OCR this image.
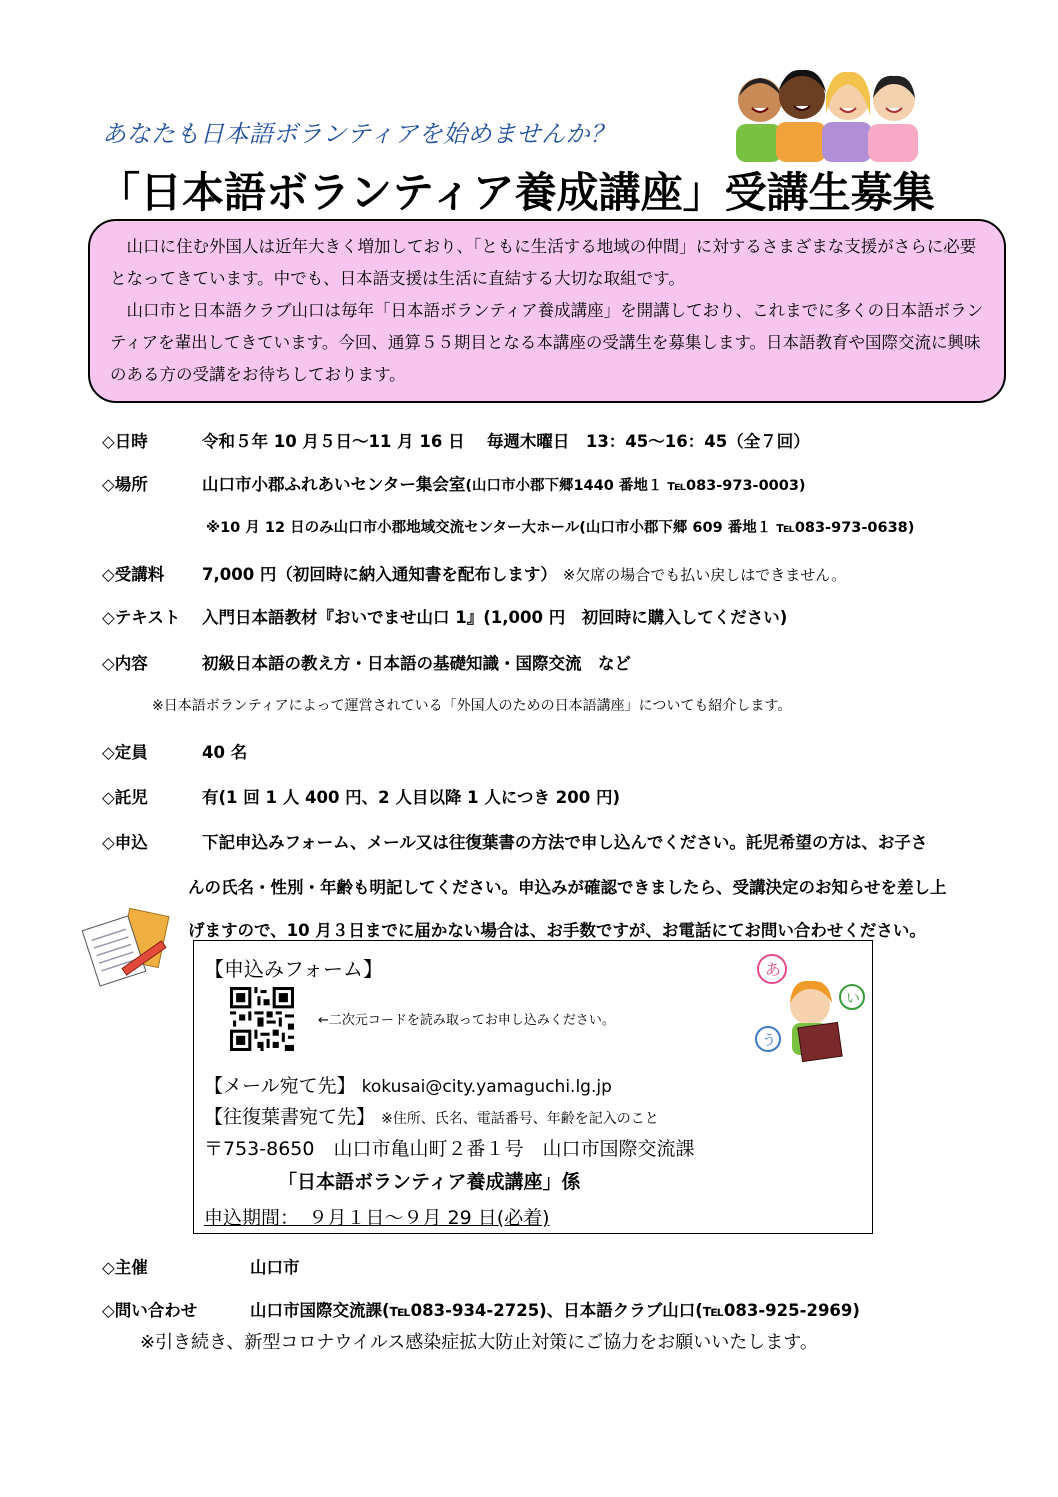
あなたも日本語ボランティアを始めませんか？
「日本語ボランティア養成講座」受講生募集

山口に住む外国人は近年大きく増加しており、「ともに生活する地域の仲間」に対するさまざまな支援がさらに必要となってきています。中でも、日本語支援は生活に直結する大切な取組です。

山口市と日本語クラブ山口は毎年「日本語ボランティア養成講座」を開講しており、これまでに多くの日本語ボランティアを輩出してきています。今回、通算５５期目となる本講座の受講生を募集します。日本語教育や国際交流に興味のある方の受講をお待ちしております。

◇日時	令和５年 10 月５日～11 月 16 日　 毎週木曜日　13：45～16：45（全７回）
◇場所	山口市小郡ふれあいセンター集会室(山口市小郡下郷1440 番地１ ℡083-973-0003)
※10 月 12 日のみ山口市小郡地域交流センター大ホール(山口市小郡下郷 609 番地１ ℡083-973-0638)
◇受講料 7,000 円（初回時に納入通知書を配布します） ※欠席の場合でも払い戻しはできません。
◇テキスト 入門日本語教材『おいでませ山口 1』(1,000 円　初回時に購入してください)
◇内容	初級日本語の教え方・日本語の基礎知識・国際交流　など
※日本語ボランティアによって運営されている「外国人のための日本語講座」についても紹介します。
◇定員	40 名
◇託児	有(1 回 1 人 400 円、2 人目以降 1 人につき 200 円)
◇申込	下記申込みフォーム、メール又は往復葉書の方法で申し込んでください。託児希望の方は、お子さ
んの氏名・性別・年齢も明記してください。申込みが確認できましたら、受講決定のお知らせを差し上
げますので、10 月３日までに届かない場合は、お手数ですが、お電話にてお問い合わせください。
【申込みフォーム】
←二次元コードを読み取ってお申し込みください。
あ
い
う
【メール宛て先】 kokusai@city.yamaguchi.lg.jp
【往復葉書宛て先】 ※住所、氏名、電話番号、年齢を記入のこと
〒753-8650　山口市亀山町２番１号　山口市国際交流課
「日本語ボランティア養成講座」係
申込期間：　９月１日～９月 29 日(必着)
◇主催	山口市
◇問い合わせ	山口市国際交流課(℡083-934-2725)、日本語クラブ山口(℡083-925-2969)
※引き続き、新型コロナウイルス感染症拡大防止対策にご協力をお願いいたします。
